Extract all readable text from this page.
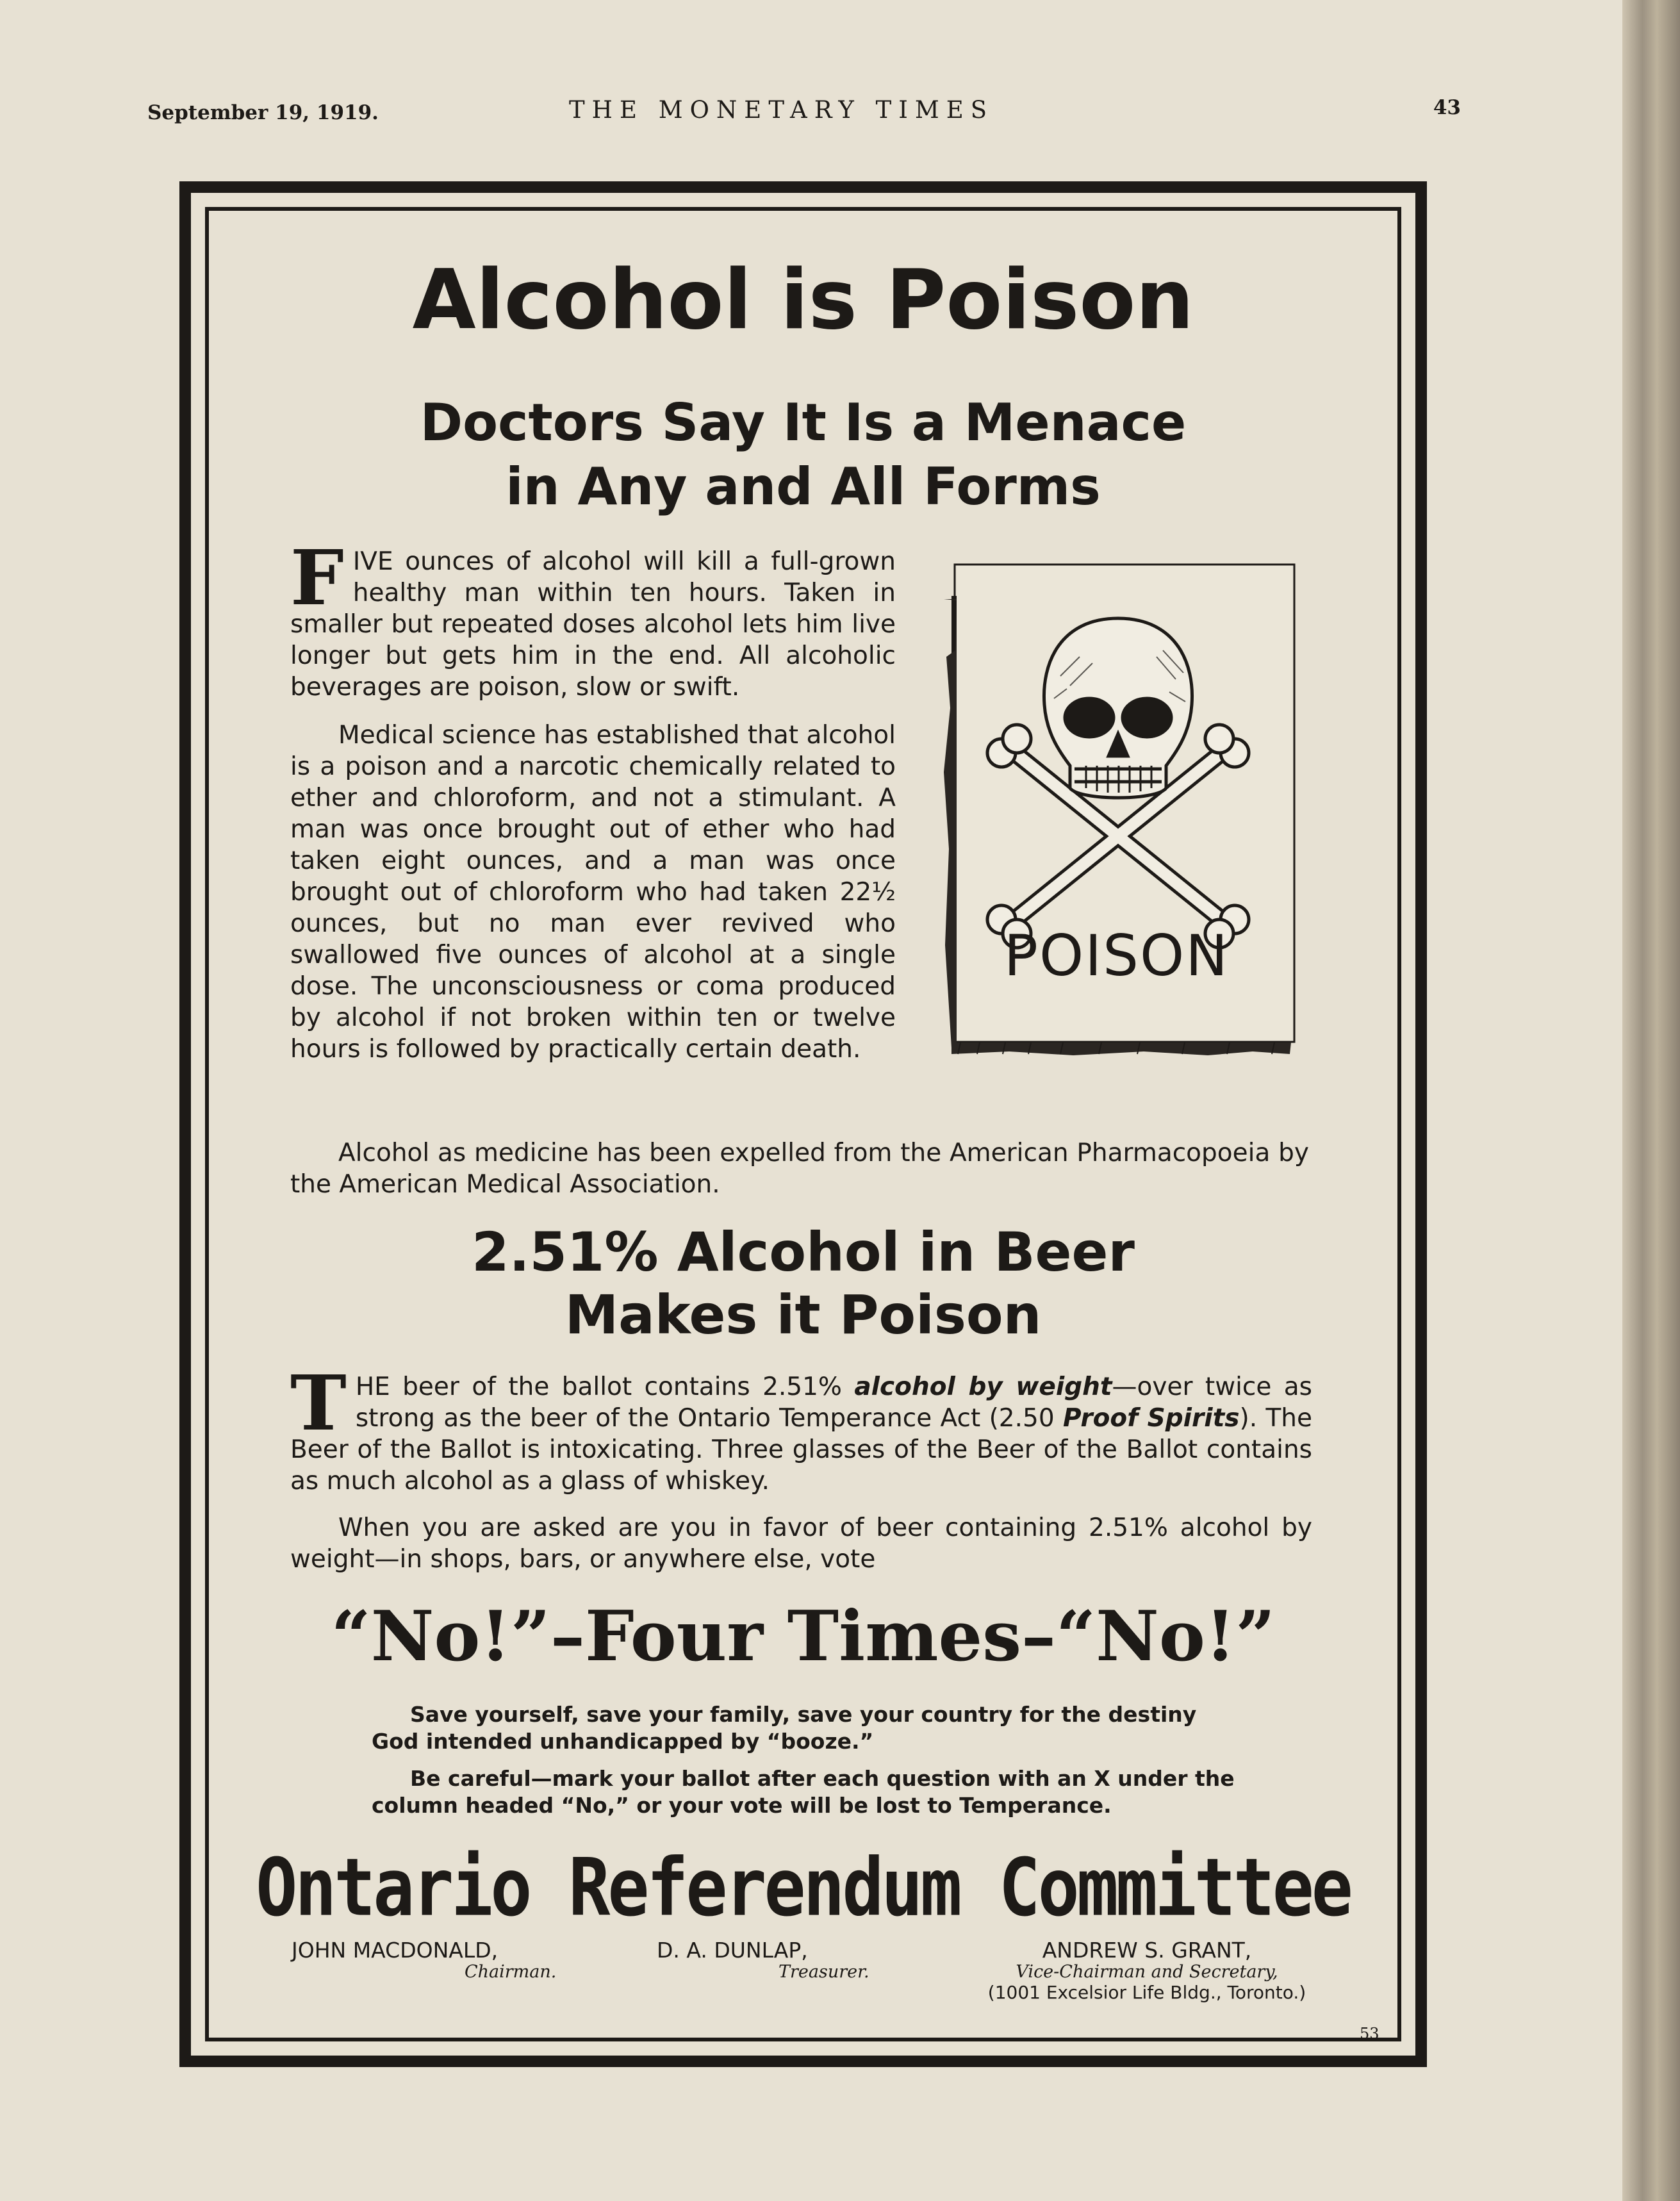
September 19, 1919.	THE MONETARY TIMES	43
Alcohol is Poison
Doctors Say It Is a Menace
in Any and All Forms

FIVE ounces of alcohol will kill a full-grown healthy man within ten hours. Taken in smaller but repeated doses alcohol lets him live longer but gets him in the end. All alcoholic beverages are poison, slow or swift.

Medical science has established that alcohol is a poison and a narcotic chemically related to ether and chloroform, and not a stimulant. A man was once brought out of ether who had taken eight ounces, and a man was once brought out of chloroform who had taken 22½ ounces, but no man ever revived who swallowed five ounces of alcohol at a single dose. The unconsciousness or coma produced by alcohol if not broken within ten or twelve hours is followed by practically certain death.

POISON
Alcohol as medicine has been expelled from the American Pharmacopoeia by the American Medical Association.
2.51% Alcohol in Beer
Makes it Poison

THE beer of the ballot contains 2.51% alcohol by weight—over twice as strong as the beer of the Ontario Temperance Act (2.50 Proof Spirits). The Beer of the Ballot is intoxicating. Three glasses of the Beer of the Ballot contains as much alcohol as a glass of whiskey.

When you are asked are you in favor of beer containing 2.51% alcohol by weight—in shops, bars, or anywhere else, vote

“No!”–Four Times–“No!”

Save yourself, save your family, save your country for the destiny God intended unhandicapped by “booze.”

Be careful—mark your ballot after each question with an X under the column headed “No,” or your vote will be lost to Temperance.

Ontario Referendum Committee
JOHN MACDONALD,
Chairman.
D. A. DUNLAP,
Treasurer.
ANDREW S. GRANT,
Vice-Chairman and Secretary,
(1001 Excelsior Life Bldg., Toronto.)
53
